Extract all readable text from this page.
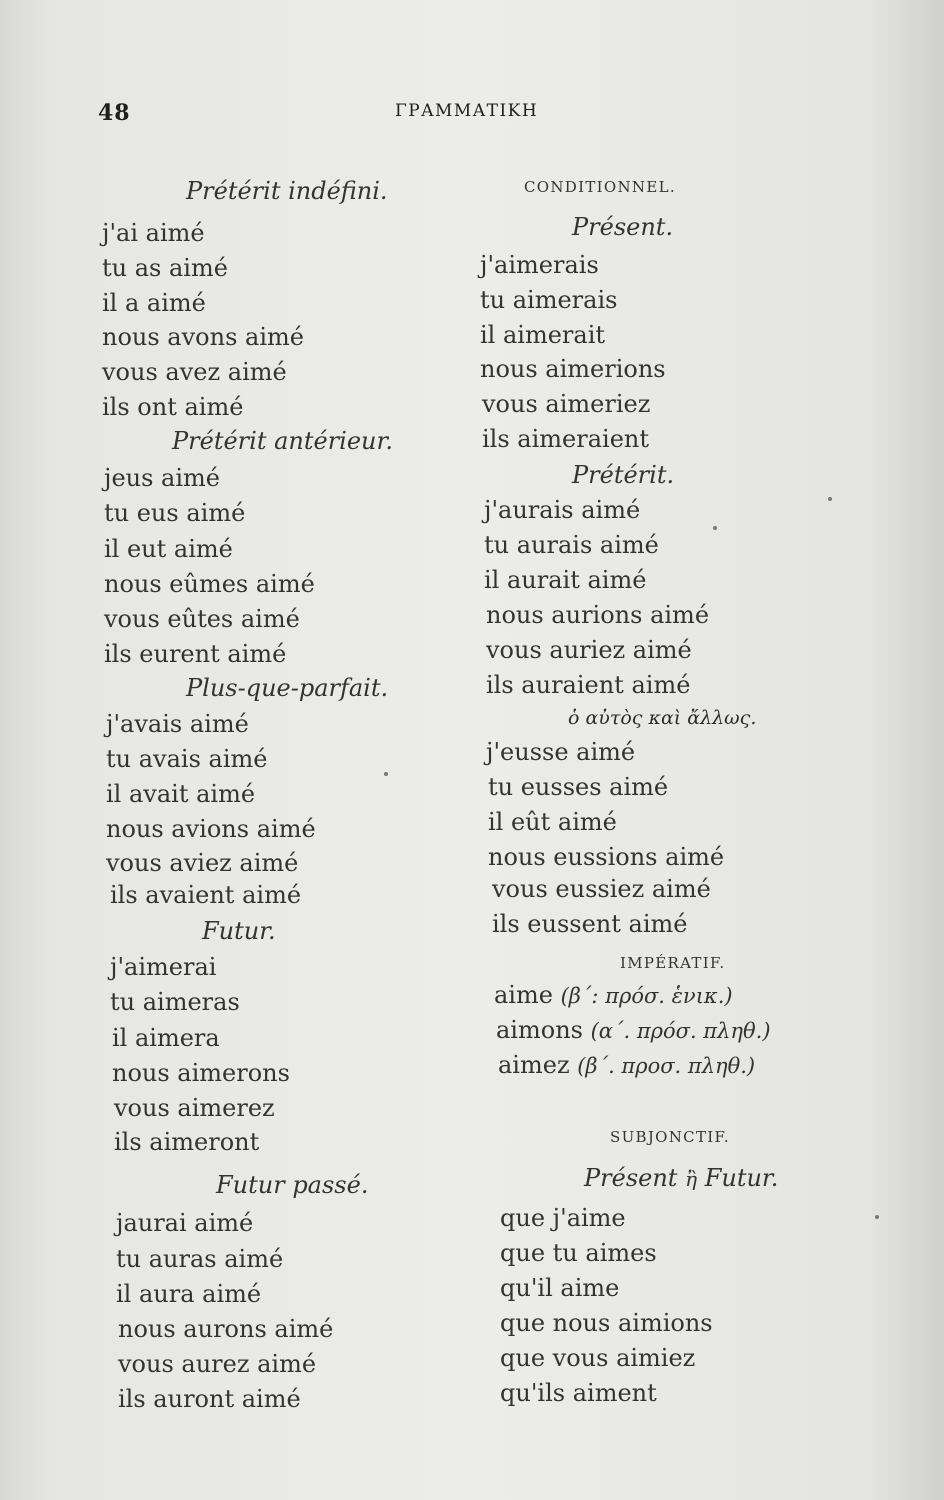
48	ΓΡΑΜΜΑΤΙΚΗ
Prétérit indéfini.
j'ai aimé
tu as aimé
il a aimé
nous avons aimé
vous avez aimé
ils ont aimé
Prétérit antérieur.
jeus aimé
tu eus aimé
il eut aimé
nous eûmes aimé
vous eûtes aimé
ils eurent aimé
Plus-que-parfait.
j'avais aimé
tu avais aimé
il avait aimé
nous avions aimé
vous aviez aimé
ils avaient aimé
Futur.
j'aimerai
tu aimeras
il aimera
nous aimerons
vous aimerez
ils aimeront
Futur passé.
jaurai aimé
tu auras aimé
il aura aimé
nous aurons aimé
vous aurez aimé
ils auront aimé
CONDITIONNEL.
Présent.
j'aimerais
tu aimerais
il aimerait
nous aimerions
vous aimeriez
ils aimeraient
Prétérit.
j'aurais aimé
tu aurais aimé
il aurait aimé
nous aurions aimé
vous auriez aimé
ils auraient aimé
ὁ αὐτὸς καὶ ἄλλως.
j'eusse aimé
tu eusses aimé
il eût aimé
nous eussions aimé
vous eussiez aimé
ils eussent aimé
IMPÉRATIF.
aime (β΄: πρόσ. ἑνικ.)
aimons (α΄. πρόσ. πληθ.)
aimez (β΄. προσ. πληθ.)
SUBJONCTIF.
Présent ἢ Futur.
que j'aime
que tu aimes
qu'il aime
que nous aimions
que vous aimiez
qu'ils aiment
